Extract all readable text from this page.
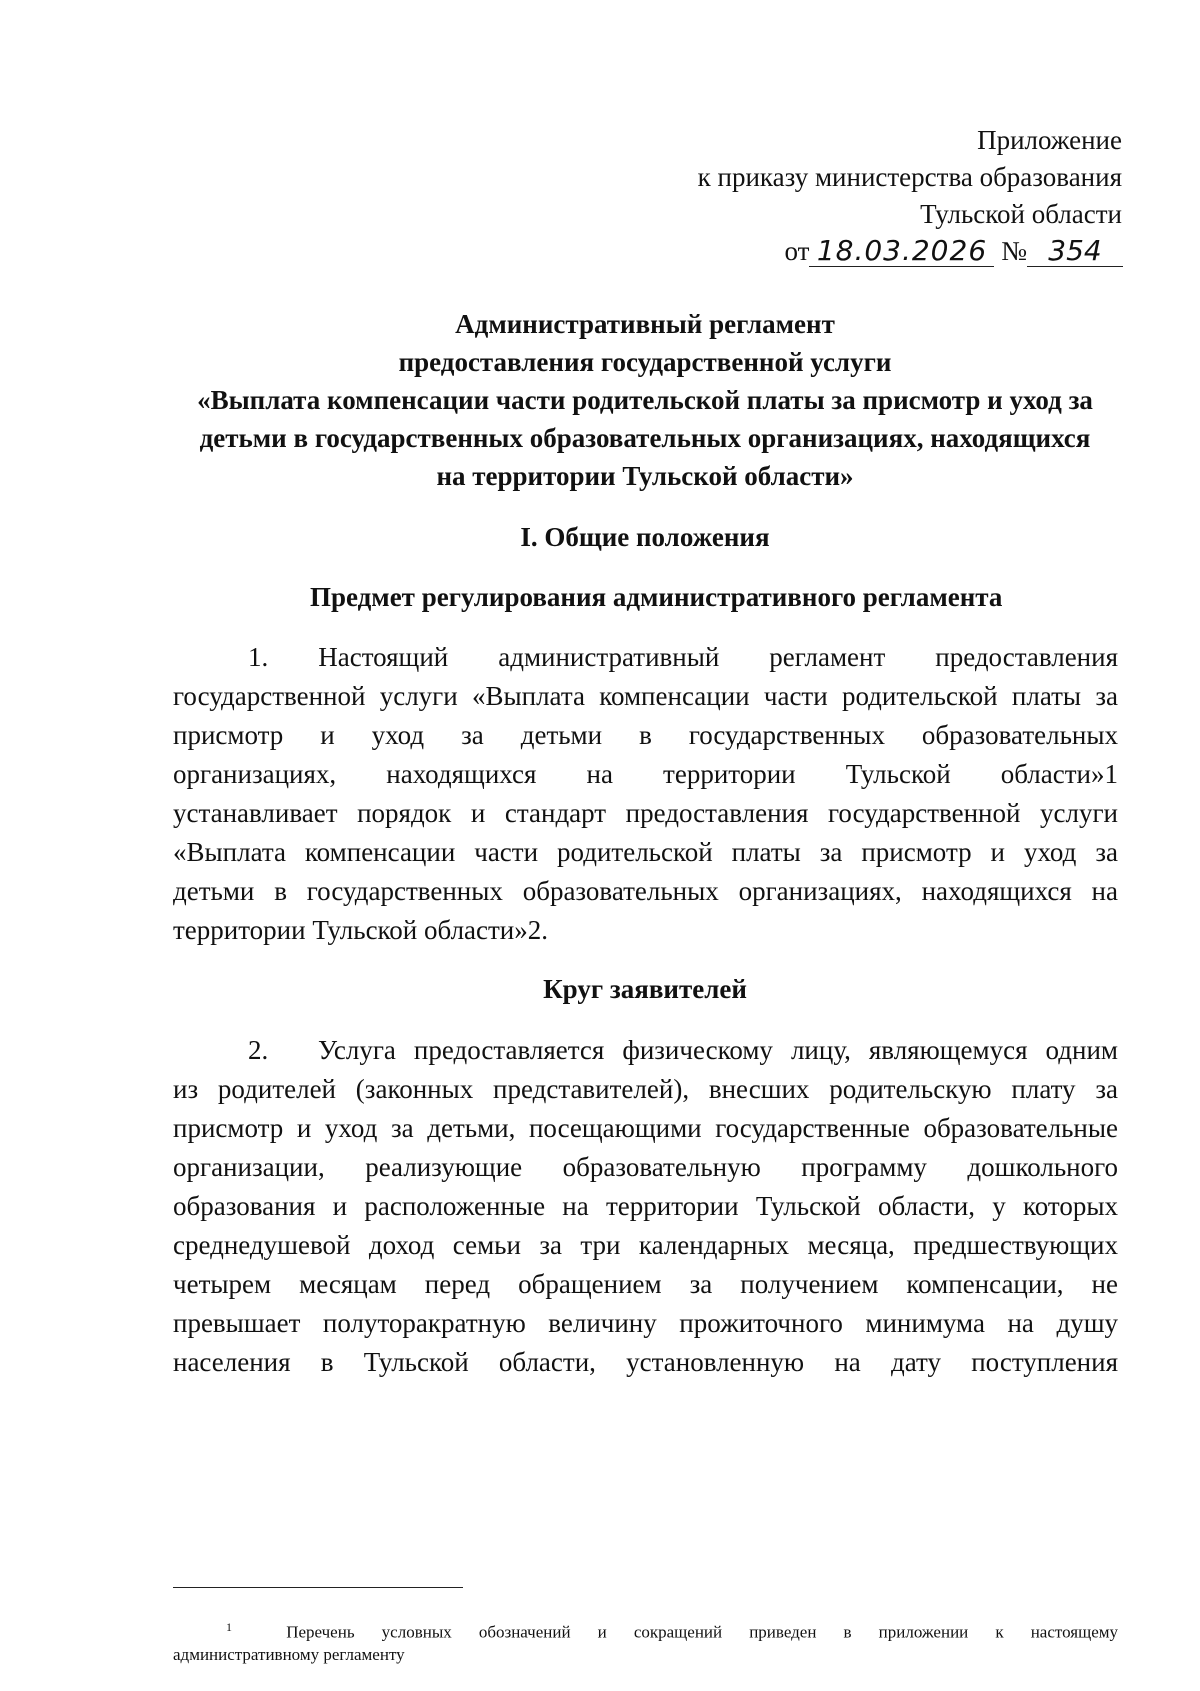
Приложение
к приказу министерства образования
Тульской области
от 18.03.2026 № 354
Административный регламент
предоставления государственной услуги
«Выплата компенсации части родительской платы за присмотр и уход за
детьми в государственных образовательных организациях, находящихся
на территории Тульской области»
I. Общие положения
Предмет регулирования административного регламента
1. Настоящий административный регламент предоставления
государственной услуги «Выплата компенсации части родительской платы за
присмотр и уход за детьми в государственных образовательных
организациях, находящихся на территории Тульской области»1
устанавливает порядок и стандарт предоставления государственной услуги
«Выплата компенсации части родительской платы за присмотр и уход за
детьми в государственных образовательных организациях, находящихся на
территории Тульской области»2.
Круг заявителей
2.	Услуга предоставляется физическому лицу, являющемуся одним
из родителей (законных представителей), внесших родительскую плату за
присмотр и уход за детьми, посещающими государственные образовательные
организации, реализующие образовательную программу дошкольного
образования и расположенные на территории Тульской области, у которых
среднедушевой доход семьи за три календарных месяца, предшествующих
четырем месяцам перед обращением за получением компенсации, не
превышает полуторакратную величину прожиточного минимума на душу
населения в Тульской области, установленную на дату поступления
$^1$	Перечень условных обозначений и сокращений приведен в приложении к настоящему
административному регламенту
